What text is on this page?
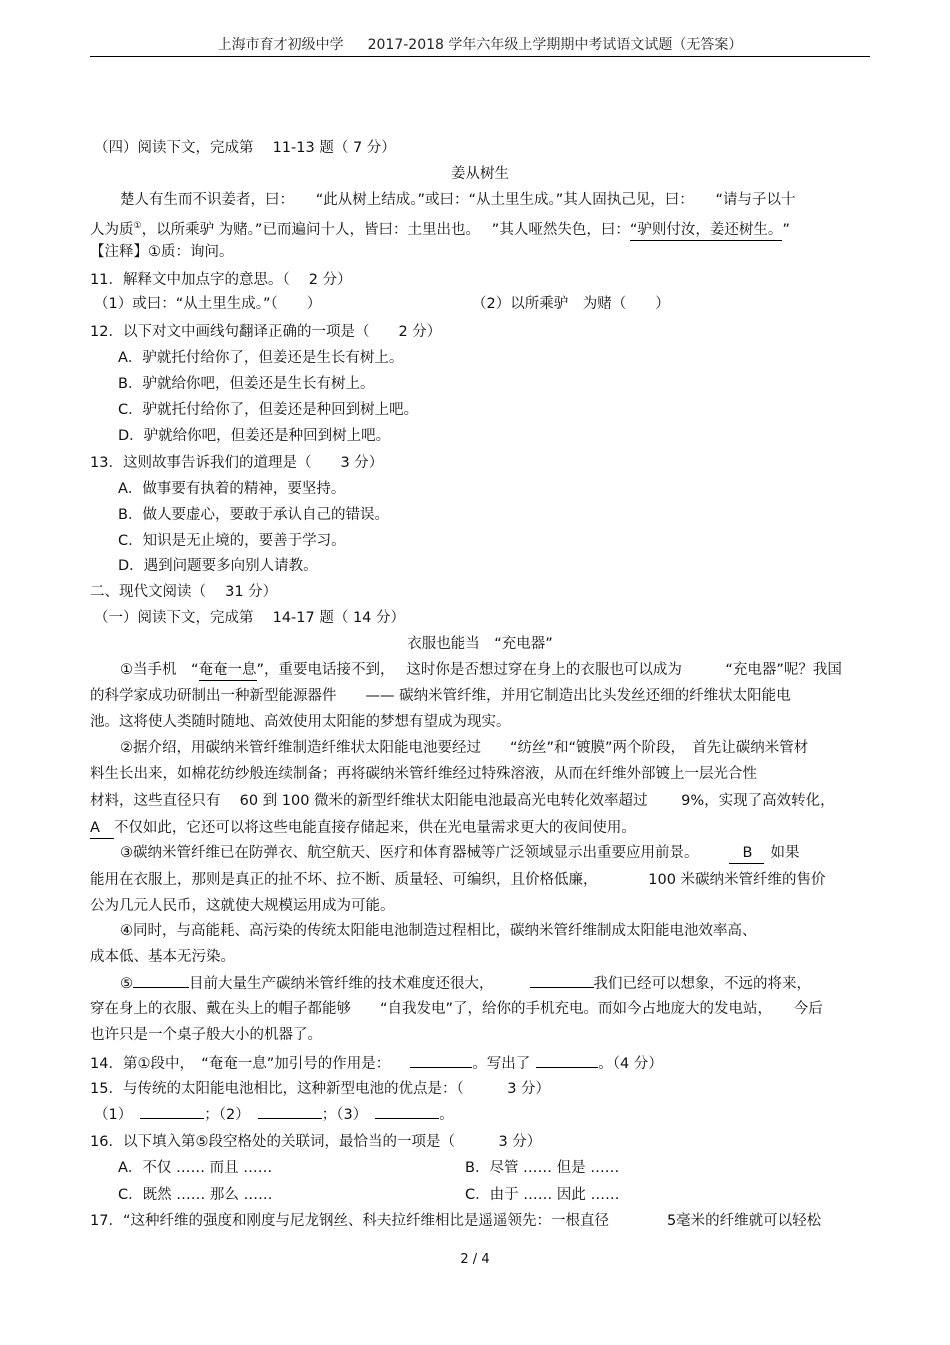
上海市育才初级中学 2017-2018 学年六年级上学期期中考试语文试题（无答案）
（四）阅读下文，完成第　 11-13 题（ 7 分）
姜从树生
楚人有生而不识姜者，曰：　　“此从树上结成。”或曰：“从土里生成。”其人固执己见，曰：　　“请与子以十
人为质①，以所乘驴 为赌。”已而遍问十人，皆曰：土里出也。　 ”其人哑然失色，曰：“驴则付汝，姜还树生。”
【注释】①质：询问。
11．解释文中加点字的意思。（　 2 分）
（1）或曰：“从土里生成。”（　　）	（2）以所乘驴　为赌（　　）
12．以下对文中画线句翻译正确的一项是（　　2 分）
A．驴就托付给你了，但姜还是生长有树上。
B．驴就给你吧，但姜还是生长有树上。
C．驴就托付给你了，但姜还是种回到树上吧。
D．驴就给你吧，但姜还是种回到树上吧。
13．这则故事告诉我们的道理是（　　3 分）
A．做事要有执着的精神，要坚持。
B．做人要虚心，要敢于承认自己的错误。
C．知识是无止境的，要善于学习。
D．遇到问题要多向别人请教。
二、现代文阅读（　 31 分）
（一）阅读下文，完成第　 14-17 题（ 14 分）
衣服也能当　“充电器”
①当手机　“奄奄一息”，重要电话接不到，　 这时你是否想过穿在身上的衣服也可以成为　　　“充电器”呢？我国
的科学家成功研制出一种新型能源器件　　—— 碳纳米管纤维，并用它制造出比头发丝还细的纤维状太阳能电
池。这将使人类随时随地、高效使用太阳能的梦想有望成为现实。
②据介绍，用碳纳米管纤维制造纤维状太阳能电池要经过　　“纺丝”和“镀膜”两个阶段，　首先让碳纳米管材
料生长出来，如棉花纺纱般连续制备；再将碳纳米管纤维经过特殊溶液，从而在纤维外部镀上一层光合性
材料，这些直径只有　 60 到 100 微米的新型纤维状太阳能电池最高光电转化效率超过　　 9%，实现了高效转化，
A 不仅如此，它还可以将这些电能直接存储起来，供在光电量需求更大的夜间使用。
③碳纳米管纤维已在防弹衣、航空航天、医疗和体育器械等广泛领域显示出重要应用前景。	B 如果
能用在衣服上，那则是真正的扯不坏、拉不断、质量轻、可编织，且价格低廉，　　　　100 米碳纳米管纤维的售价
公为几元人民币，这就使大规模运用成为可能。
④同时，与高能耗、高污染的传统太阳能电池制造过程相比，碳纳米管纤维制成太阳能电池效率高、
成本低、基本无污染。
⑤	目前大量生产碳纳米管纤维的技术难度还很大，	我们已经可以想象，不远的将来，
穿在身上的衣服、戴在头上的帽子都能够　　“自我发电”了，给你的手机充电。而如今占地庞大的发电站，　　今后
也许只是一个桌子般大小的机器了。
14．第①段中，　“奄奄一息”加引号的作用是：	。写出了	。（4 分）
15．与传统的太阳能电池相比，这种新型电池的优点是：（　　　3 分）
（1）	；（2）	；（3）	。
16．以下填入第⑤段空格处的关联词，最恰当的一项是（　　　3 分）
A．不仅 …… 而且 ……	B．尽管 …… 但是 ……
C．既然 …… 那么 ……	C．由于 …… 因此 ……
17．“这种纤维的强度和刚度与尼龙钢丝、科夫拉纤维相比是遥遥领先：一根直径　　　　5毫米的纤维就可以轻松
2 / 4
